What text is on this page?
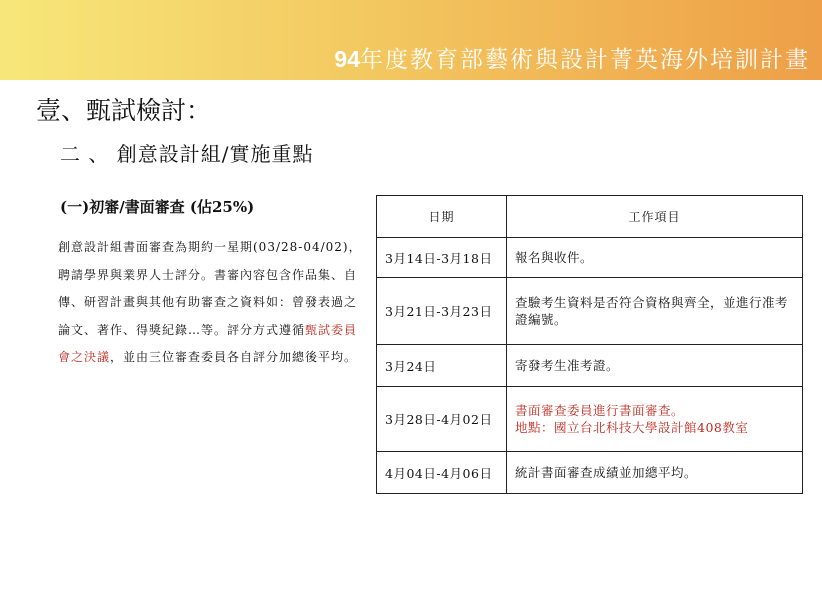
94年度教育部藝術與設計菁英海外培訓計畫
壹、甄試檢討：
二 、 創意設計組/實施重點
(一)初審/書面審查 (佔25%)
創意設計組書面審查為期約一星期(03/28-04/02)，聘請學界與業界人士評分。書審內容包含作品集、自傳、研習計畫與其他有助審查之資料如：曾發表過之論文、著作、得獎紀錄…等。評分方式遵循甄試委員會之決議，並由三位審查委員各自評分加總後平均。
日期	工作項目
3月14日-3月18日	報名與收件。
3月21日-3月23日	查驗考生資料是否符合資格與齊全，並進行准考證編號。
3月24日	寄發考生准考證。
3月28日-4月02日	書面審查委員進行書面審查。
地點：國立台北科技大學設計館408教室
4月04日-4月06日	統計書面審查成績並加總平均。
